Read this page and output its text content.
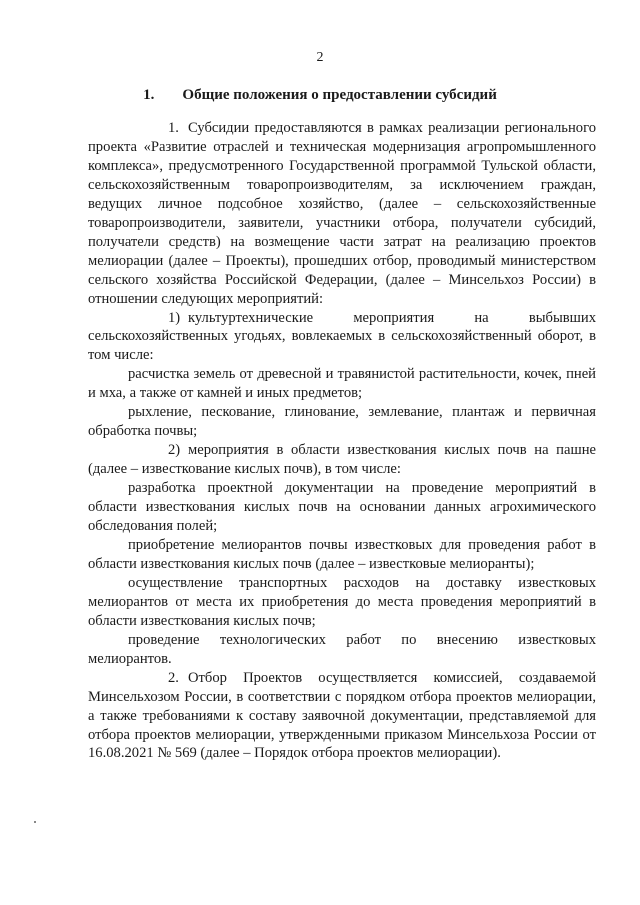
2
1. Общие положения о предоставлении субсидий

1. Субсидии предоставляются в рамках реализации регионального проекта «Развитие отраслей и техническая модернизация агропромышленного комплекса», предусмотренного Государственной программой Тульской области, сельскохозяйственным товаропроизводителям, за исключением граждан, ведущих личное подсобное хозяйство, (далее – сельскохозяйственные товаропроизводители, заявители, участники отбора, получатели субсидий, получатели средств) на возмещение части затрат на реализацию проектов мелиорации (далее – Проекты), прошедших отбор, проводимый министерством сельского хозяйства Российской Федерации, (далее – Минсельхоз России) в отношении следующих мероприятий:

1) культуртехнические мероприятия на выбывших сельскохозяйственных угодьях, вовлекаемых в сельскохозяйственный оборот, в том числе:

расчистка земель от древесной и травянистой растительности, кочек, пней и мха, а также от камней и иных предметов;

рыхление, пескование, глинование, землевание, плантаж и первичная обработка почвы;

2) мероприятия в области известкования кислых почв на пашне (далее – известкование кислых почв), в том числе:

разработка проектной документации на проведение мероприятий в области известкования кислых почв на основании данных агрохимического обследования полей;

приобретение мелиорантов почвы известковых для проведения работ в области известкования кислых почв (далее – известковые мелиоранты);

осуществление транспортных расходов на доставку известковых мелиорантов от места их приобретения до места проведения мероприятий в области известкования кислых почв;

проведение технологических работ по внесению известковых мелиорантов.

2. Отбор Проектов осуществляется комиссией, создаваемой Минсельхозом России, в соответствии с порядком отбора проектов мелиорации, а также требованиями к составу заявочной документации, представляемой для отбора проектов мелиорации, утвержденными приказом Минсельхоза России от 16.08.2021 № 569 (далее – Порядок отбора проектов мелиорации).
